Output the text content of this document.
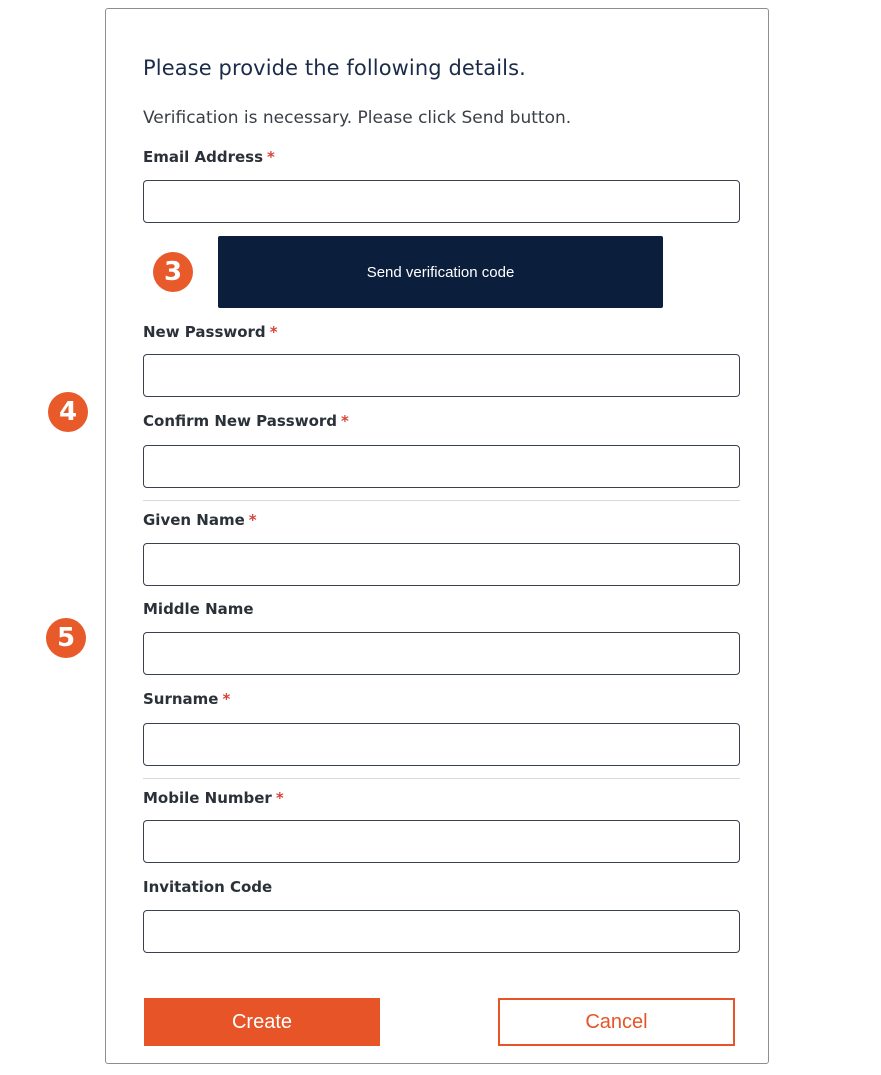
Please provide the following details.
Verification is necessary. Please click Send button.
Email Address *
3	Send verification code
New Password *
4	Confirm New Password *
Given Name *
Middle Name
5
Surname *
Mobile Number *
Invitation Code
Create	Cancel
